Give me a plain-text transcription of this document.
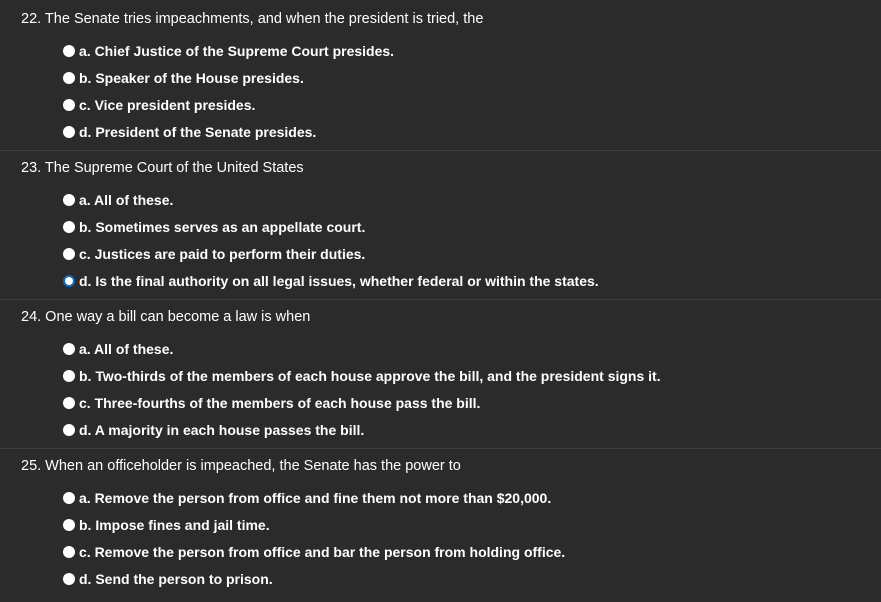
22. The Senate tries impeachments, and when the president is tried, the
a. Chief Justice of the Supreme Court presides.
b. Speaker of the House presides.
c. Vice president presides.
d. President of the Senate presides.
23. The Supreme Court of the United States
a. All of these.
b. Sometimes serves as an appellate court.
c. Justices are paid to perform their duties.
d. Is the final authority on all legal issues, whether federal or within the states.
24. One way a bill can become a law is when
a. All of these.
b. Two-thirds of the members of each house approve the bill, and the president signs it.
c. Three-fourths of the members of each house pass the bill.
d. A majority in each house passes the bill.
25. When an officeholder is impeached, the Senate has the power to
a. Remove the person from office and fine them not more than $20,000.
b. Impose fines and jail time.
c. Remove the person from office and bar the person from holding office.
d. Send the person to prison.
